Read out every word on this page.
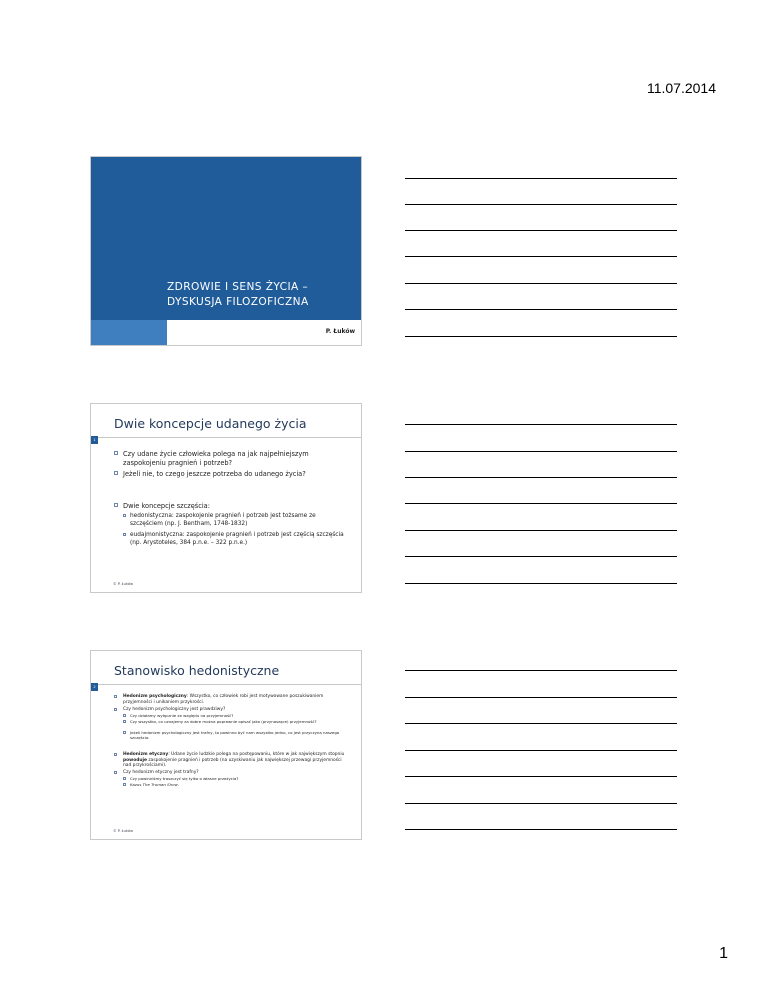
11.07.2014
ZDROWIE I SENS ŻYCIA –
DYSKUSJA FILOZOFICZNA
P. Łuków
Dwie koncepcje udanego życia
1
Czy udane życie człowieka polega na jak najpełniejszym zaspokojeniu pragnień i potrzeb?
Jeżeli nie, to czego jeszcze potrzeba do udanego życia?
Dwie koncepcje szczęścia:
hedonistyczna: zaspokojenie pragnień i potrzeb jest tożsame ze szczęściem (np. J. Bentham, 1748-1832)
eudajmonistyczna: zaspokojenie pragnień i potrzeb jest częścią szczęścia (np. Arystoteles, 384 p.n.e. – 322 p.n.e.)
© P. Łuków
Stanowisko hedonistyczne
2
Hedonizm psychologiczny: Wszystko, co człowiek robi jest motywowane poszukiwaniem przyjemności i unikaniem przykrości.
Czy hedonizm psychologiczny jest prawdziwy?
Czy działamy wyłącznie ze względu na przyjemność?
Czy wszystko, co uznajemy za dobre można poprawnie opisać jako (przynoszące) przyjemność?
Jeżeli hedonizm psychologiczny jest trafny, to powinno być nam wszystko jedno, co jest przyczyną naszego szczęścia.
Hedonizm etyczny: Udane życie ludzkie polega na postępowaniu, które w jak największym stopniu powoduje zaspokojenie pragnień i potrzeb (na uzyskiwaniu jak największej przewagi przyjemności nad przykrościami).
Czy hedonizm etyczny jest trafny?
Czy powinniśmy troszczyć się tylko o własne przeżycia?
Kazus The Truman Show.
© P. Łuków
1
